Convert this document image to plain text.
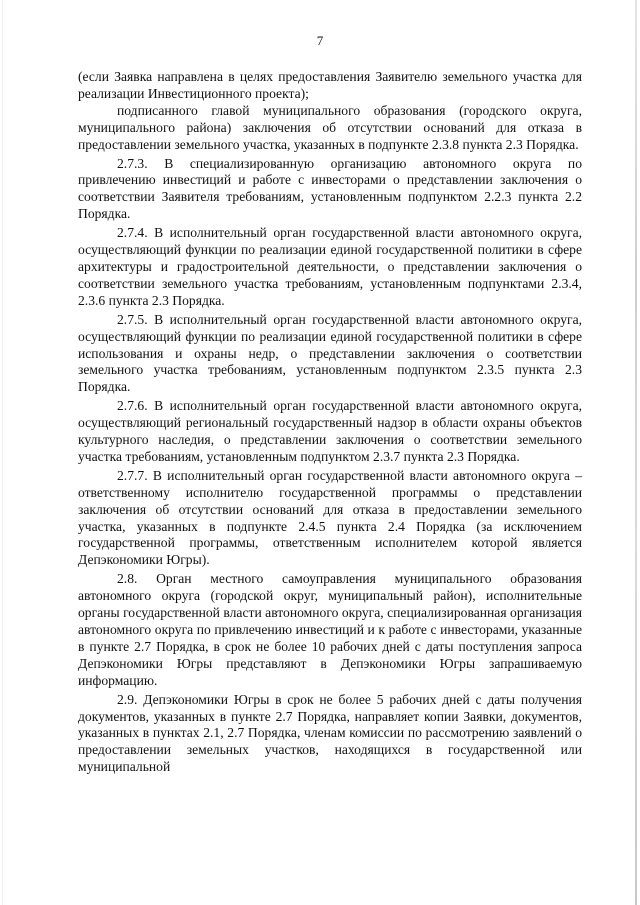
7

(если Заявка направлена в целях предоставления Заявителю земельного участка для реализации Инвестиционного проекта);

подписанного главой муниципального образования (городского округа, муниципального района) заключения об отсутствии оснований для отказа в предоставлении земельного участка, указанных в подпункте 2.3.8 пункта 2.3 Порядка.

2.7.3. В специализированную организацию автономного округа по привлечению инвестиций и работе с инвесторами о представлении заключения о соответствии Заявителя требованиям, установленным подпунктом 2.2.3 пункта 2.2 Порядка.

2.7.4. В исполнительный орган государственной власти автономного округа, осуществляющий функции по реализации единой государственной политики в сфере архитектуры и градостроительной деятельности, о представлении заключения о соответствии земельного участка требованиям, установленным подпунктами 2.3.4, 2.3.6 пункта 2.3 Порядка.

2.7.5. В исполнительный орган государственной власти автономного округа, осуществляющий функции по реализации единой государственной политики в сфере использования и охраны недр, о представлении заключения о соответствии земельного участка требованиям, установленным подпунктом 2.3.5 пункта 2.3 Порядка.

2.7.6. В исполнительный орган государственной власти автономного округа, осуществляющий региональный государственный надзор в области охраны объектов культурного наследия, о представлении заключения о соответствии земельного участка требованиям, установленным подпунктом 2.3.7 пункта 2.3 Порядка.

2.7.7. В исполнительный орган государственной власти автономного округа – ответственному исполнителю государственной программы о представлении заключения об отсутствии оснований для отказа в предоставлении земельного участка, указанных в подпункте 2.4.5 пункта 2.4 Порядка (за исключением государственной программы, ответственным исполнителем которой является Депэкономики Югры).

2.8. Орган местного самоуправления муниципального образования автономного округа (городской округ, муниципальный район), исполнительные органы государственной власти автономного округа, специализированная организация автономного округа по привлечению инвестиций и к работе с инвесторами, указанные в пункте 2.7 Порядка, в срок не более 10 рабочих дней с даты поступления запроса Депэкономики Югры представляют в Депэкономики Югры запрашиваемую информацию.

2.9. Депэкономики Югры в срок не более 5 рабочих дней с даты получения документов, указанных в пункте 2.7 Порядка, направляет копии Заявки, документов, указанных в пунктах 2.1, 2.7 Порядка, членам комиссии по рассмотрению заявлений о предоставлении земельных участков, находящихся в государственной или муниципальной
